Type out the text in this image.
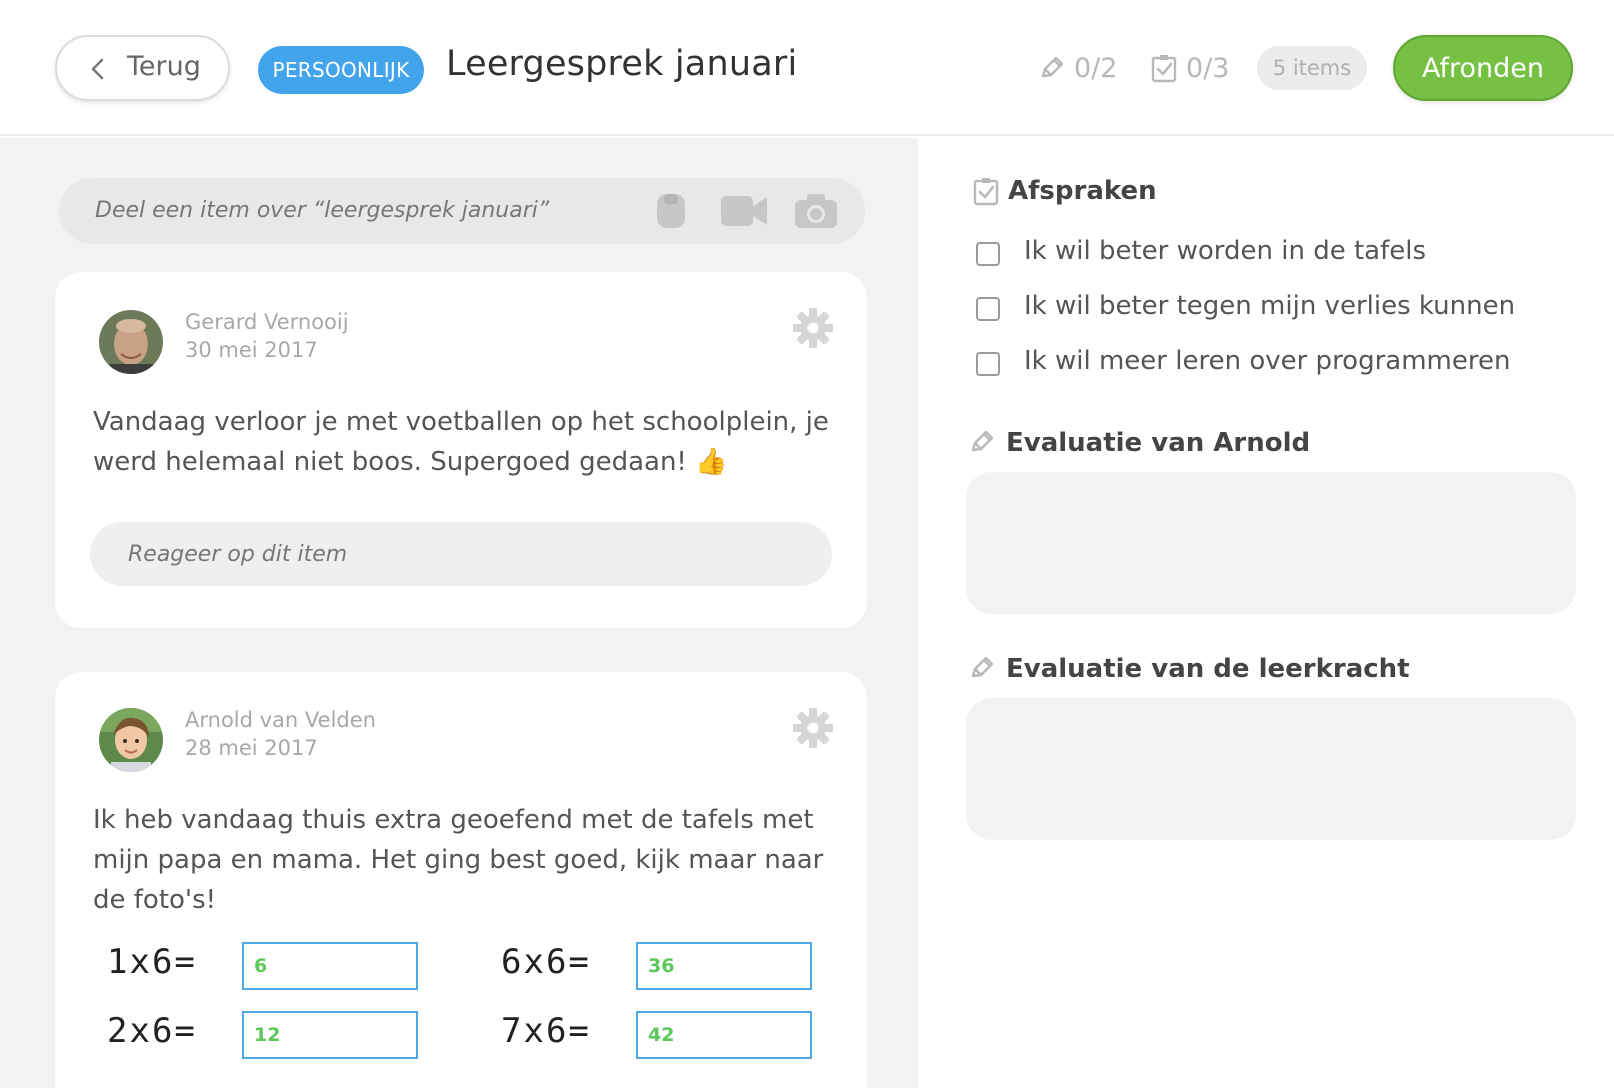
Terug	PERSOONLIJK	Leergesprek januari	0/2	0/3	5 items	Afronden
Deel een item over “leergesprek januari”
Gerard Vernooij
30 mei 2017
Vandaag verloor je met voetballen op het schoolplein, je werd helemaal niet boos. Supergoed gedaan! 👍
Reageer op dit item
Arnold van Velden
28 mei 2017
Ik heb vandaag thuis extra geoefend met de tafels met mijn papa en mama. Het ging best goed, kijk maar naar de foto's!
1x6=	6	6x6=	36
2x6=	12	7x6=	42
Afspraken
Ik wil beter worden in de tafels
Ik wil beter tegen mijn verlies kunnen
Ik wil meer leren over programmeren
Evaluatie van Arnold
Evaluatie van de leerkracht
